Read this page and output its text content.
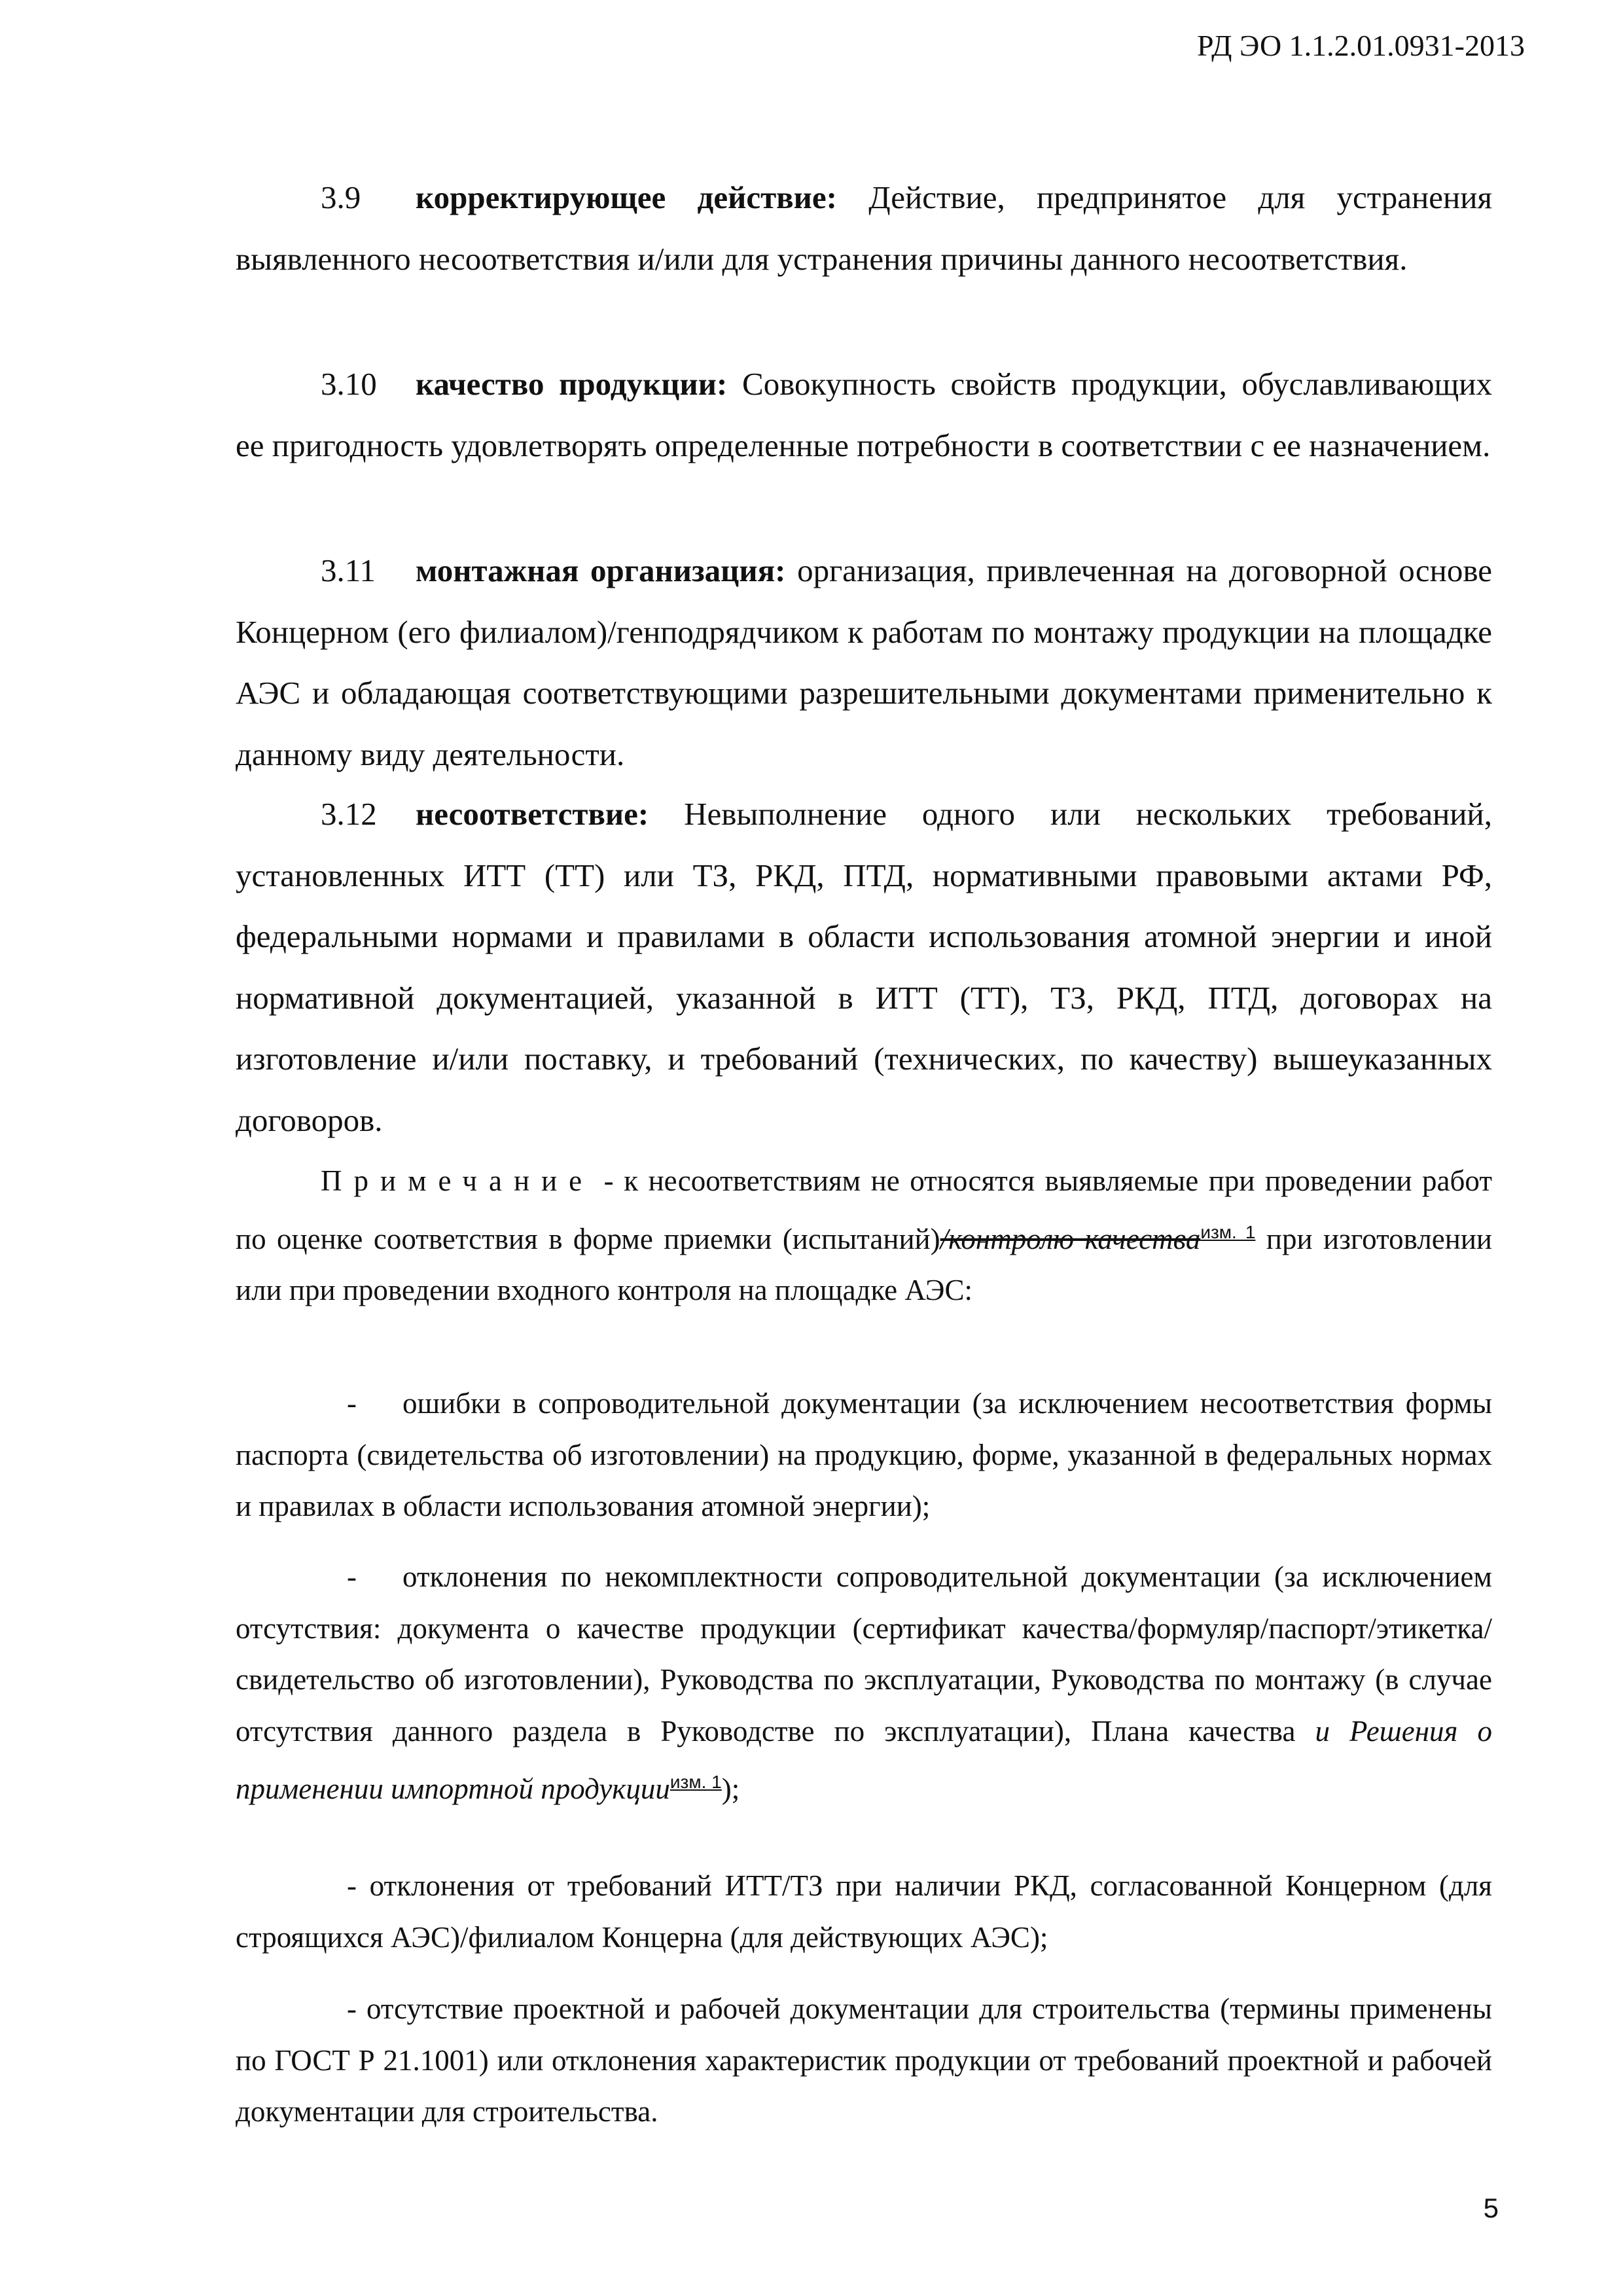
РД ЭО 1.1.2.01.0931-2013

3.9 корректирующее действие: Действие, предпринятое для устранения выявленного несоответствия и/или для устранения причины данного несоответствия.

3.10 качество продукции: Совокупность свойств продукции, обуславливающих ее пригодность удовлетворять определенные потребности в соответствии с ее назначением.

3.11 монтажная организация: организация, привлеченная на договорной основе Концерном (его филиалом)/генподрядчиком к работам по монтажу продукции на площадке АЭС и обладающая соответствующими разрешительными документами применительно к данному виду деятельности.

3.12 несоответствие: Невыполнение одного или нескольких требований, установленных ИТТ (ТТ) или ТЗ, РКД, ПТД, нормативными правовыми актами РФ, федеральными нормами и правилами в области использования атомной энергии и иной нормативной документацией, указанной в ИТТ (ТТ), ТЗ, РКД, ПТД, договорах на изготовление и/или поставку, и требований (технических, по качеству) вышеуказанных договоров.

Примечание - к несоответствиям не относятся выявляемые при проведении работ по оценке соответствия в форме приемки (испытаний)/контролю качества$^{изм. 1}$ при изготовлении или при проведении входного контроля на площадке АЭС:

- ошибки в сопроводительной документации (за исключением несоответствия формы паспорта (свидетельства об изготовлении) на продукцию, форме, указанной в федеральных нормах и правилах в области использования атомной энергии);

- отклонения по некомплектности сопроводительной документации (за исключением отсутствия: документа о качестве продукции (сертификат качества/формуляр/паспорт/этикетка/свидетельство об изготовлении), Руководства по эксплуатации, Руководства по монтажу (в случае отсутствия данного раздела в Руководстве по эксплуатации), Плана качества и Решения о применении импортной продукции$^{изм. 1}$);

- отклонения от требований ИТТ/ТЗ при наличии РКД, согласованной Концерном (для строящихся АЭС)/филиалом Концерна (для действующих АЭС);

- отсутствие проектной и рабочей документации для строительства (термины применены по ГОСТ Р 21.1001) или отклонения характеристик продукции от требований проектной и рабочей документации для строительства.

5
